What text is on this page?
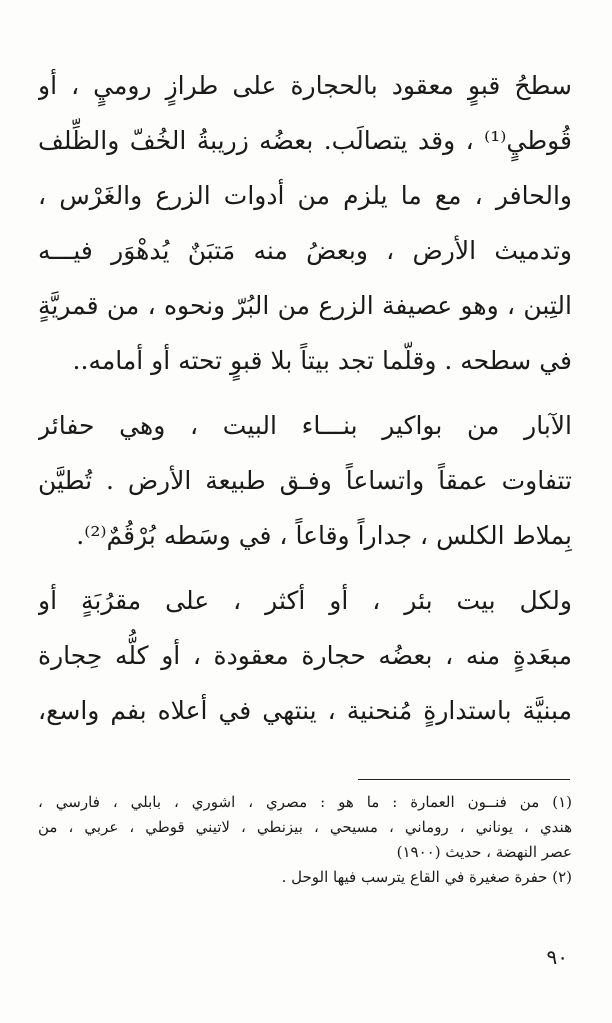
سطحُ قبوٍ معقود بالحجارة على طرازٍ روميٍ ، أو
قُوطيٍ⁽¹⁾ ، وقد يتصالَب. بعضُه زريبةُ الخُفّ والظِّلف
والحافر ، مع ما يلزم من أدوات الزرع والغَرْس ،
وتدميث الأرض ، وبعضُ منه مَتبَنٌ يُدهْوَر فيـــه
التِبن ، وهو عصيفة الزرع من البُرّ ونحوه ، من قمريَّةٍ
في سطحه . وقلّما تجد بيتاً بلا قبوٍ تحته أو أمامه..
الآبار من بواكير بنـــاء البيت ، وهي حفائر
تتفاوت عمقاً واتساعاً وفـق طبيعة الأرض . تُطيَّن
بِملاط الكلس ، جداراً وقاعاً ، في وسَطه بُرْقُمٌ⁽²⁾.
ولكل بيت بئر ، أو أكثر ، على مقرُبَةٍ أو
مبعَدةٍ منه ، بعضُه حجارة معقودة ، أو كلُّه حِجارة
مبنيَّة باستدارةٍ مُنحنية ، ينتهي في أعلاه بفم واسع،
(١) من فنــون العمارة : ما هو : مصري ، اشوري ، بابلي ، فارسي ،
هندي ، يوناني ، روماني ، مسيحي ، بيزنطي ، لاتيني قوطي ، عربي ، من
عصر النهضة ، حديث (١٩٠٠)
(٢) حفرة صغيرة في القاع يترسب فيها الوحل .
٩٠
